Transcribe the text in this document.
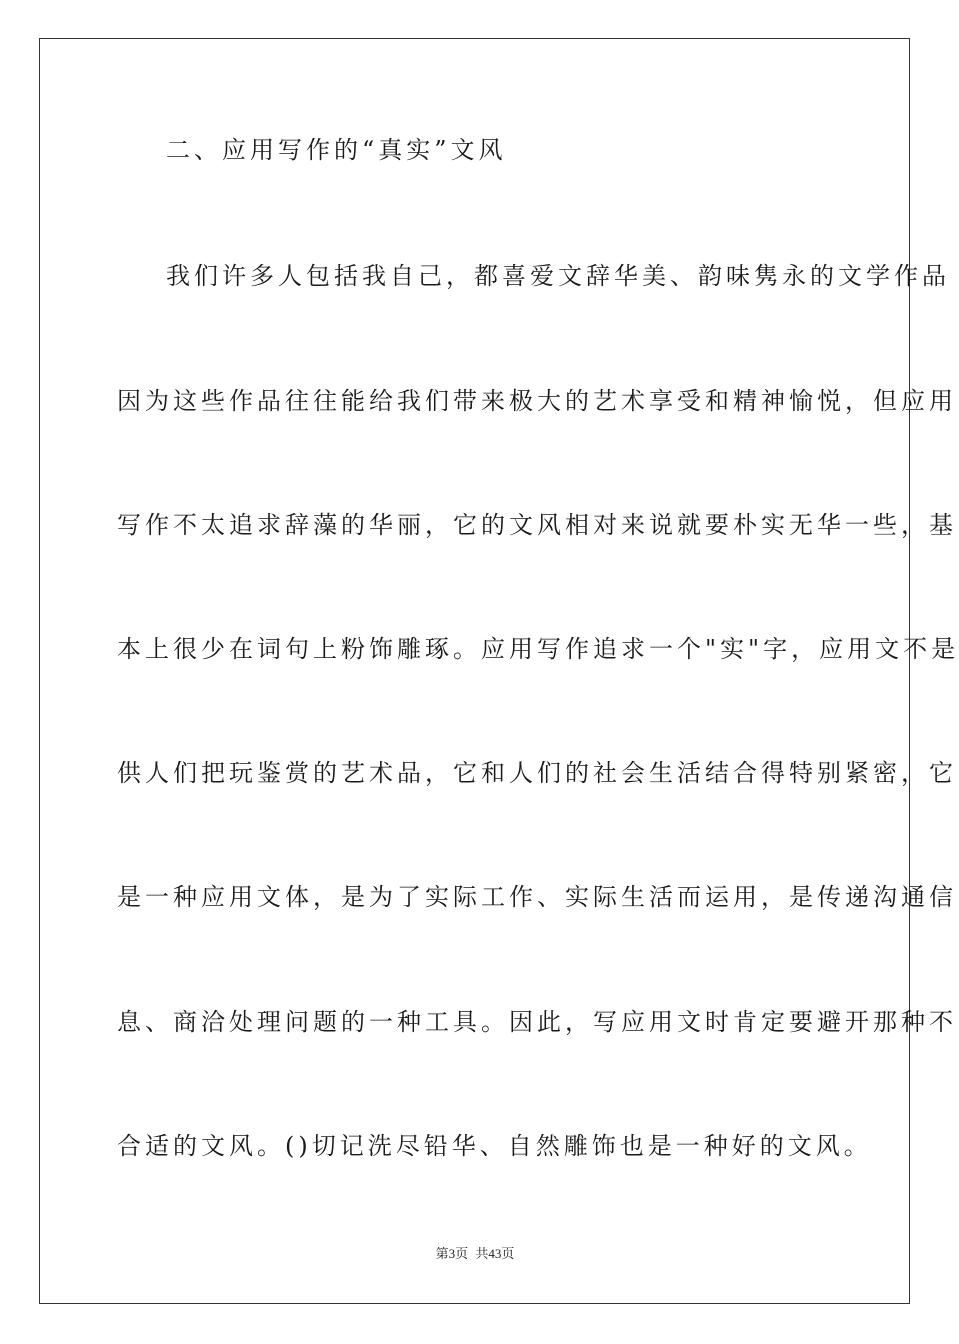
二、应用写作的“真实”文风
我们许多人包括我自己，都喜爱文辞华美、韵味隽永的文学作品
因为这些作品往往能给我们带来极大的艺术享受和精神愉悦，但应用
写作不太追求辞藻的华丽，它的文风相对来说就要朴实无华一些，基
本上很少在词句上粉饰雕琢。应用写作追求一个"实"字，应用文不是
供人们把玩鉴赏的艺术品，它和人们的社会生活结合得特别紧密，它
是一种应用文体，是为了实际工作、实际生活而运用，是传递沟通信
息、商洽处理问题的一种工具。因此，写应用文时肯定要避开那种不
合适的文风。()切记洗尽铅华、自然雕饰也是一种好的文风。
第3页 共43页
